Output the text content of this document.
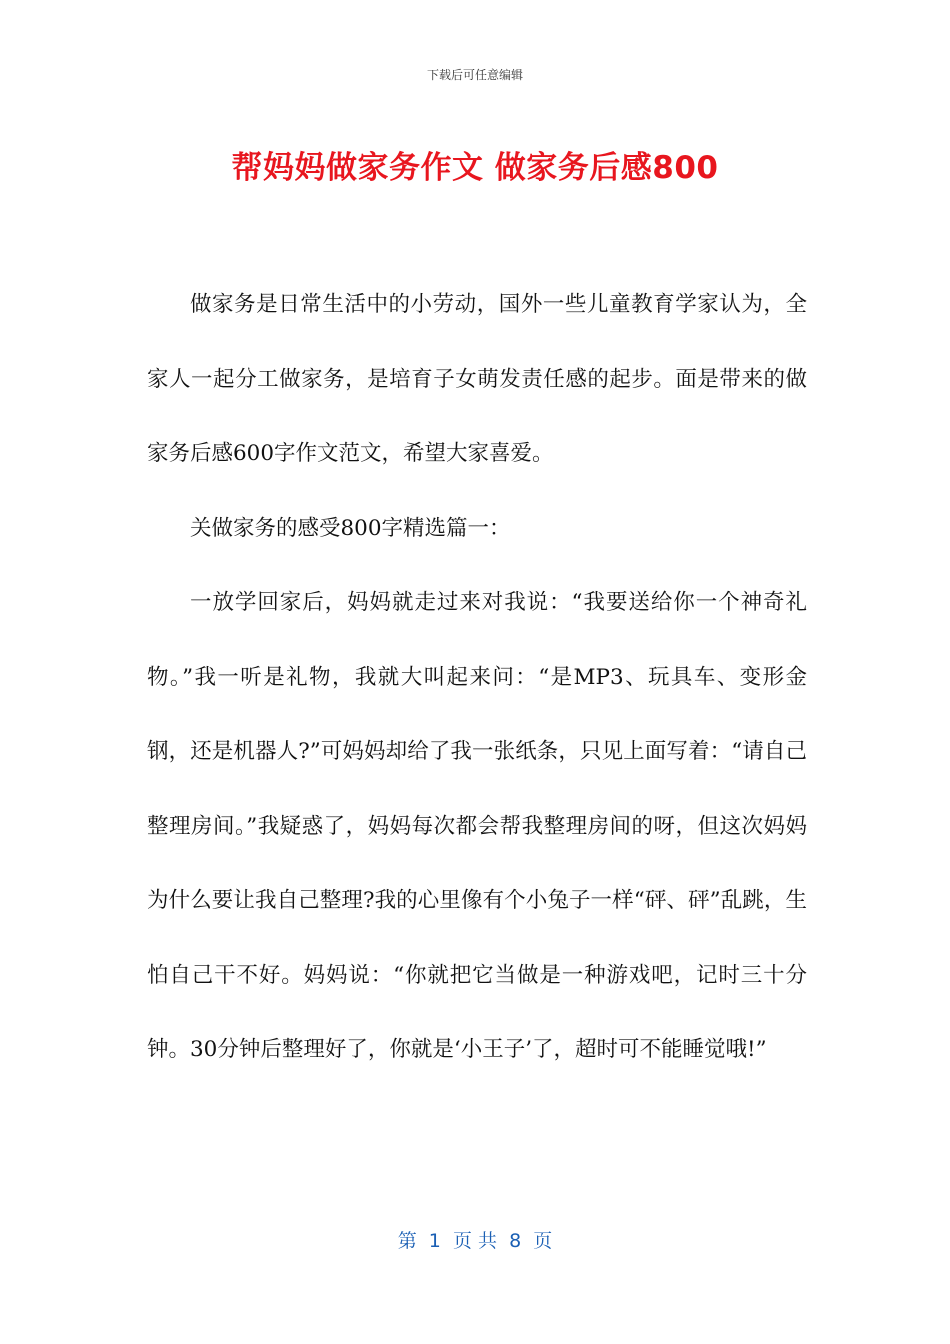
下载后可任意编辑
帮妈妈做家务作文 做家务后感800

做家务是日常生活中的小劳动，国外一些儿童教育学家认为，全家人一起分工做家务，是培育子女萌发责任感的起步。面是带来的做家务后感600字作文范文，希望大家喜爱。

关做家务的感受800字精选篇一：

一放学回家后，妈妈就走过来对我说：“我要送给你一个神奇礼物。”我一听是礼物，我就大叫起来问：“是MP3、玩具车、变形金钢，还是机器人?”可妈妈却给了我一张纸条，只见上面写着：“请自己整理房间。”我疑惑了，妈妈每次都会帮我整理房间的呀，但这次妈妈为什么要让我自己整理?我的心里像有个小兔子一样“砰、砰”乱跳，生怕自己干不好。妈妈说：“你就把它当做是一种游戏吧，记时三十分钟。30分钟后整理好了，你就是‘小王子’了，超时可不能睡觉哦!”

第  1  页 共  8  页
